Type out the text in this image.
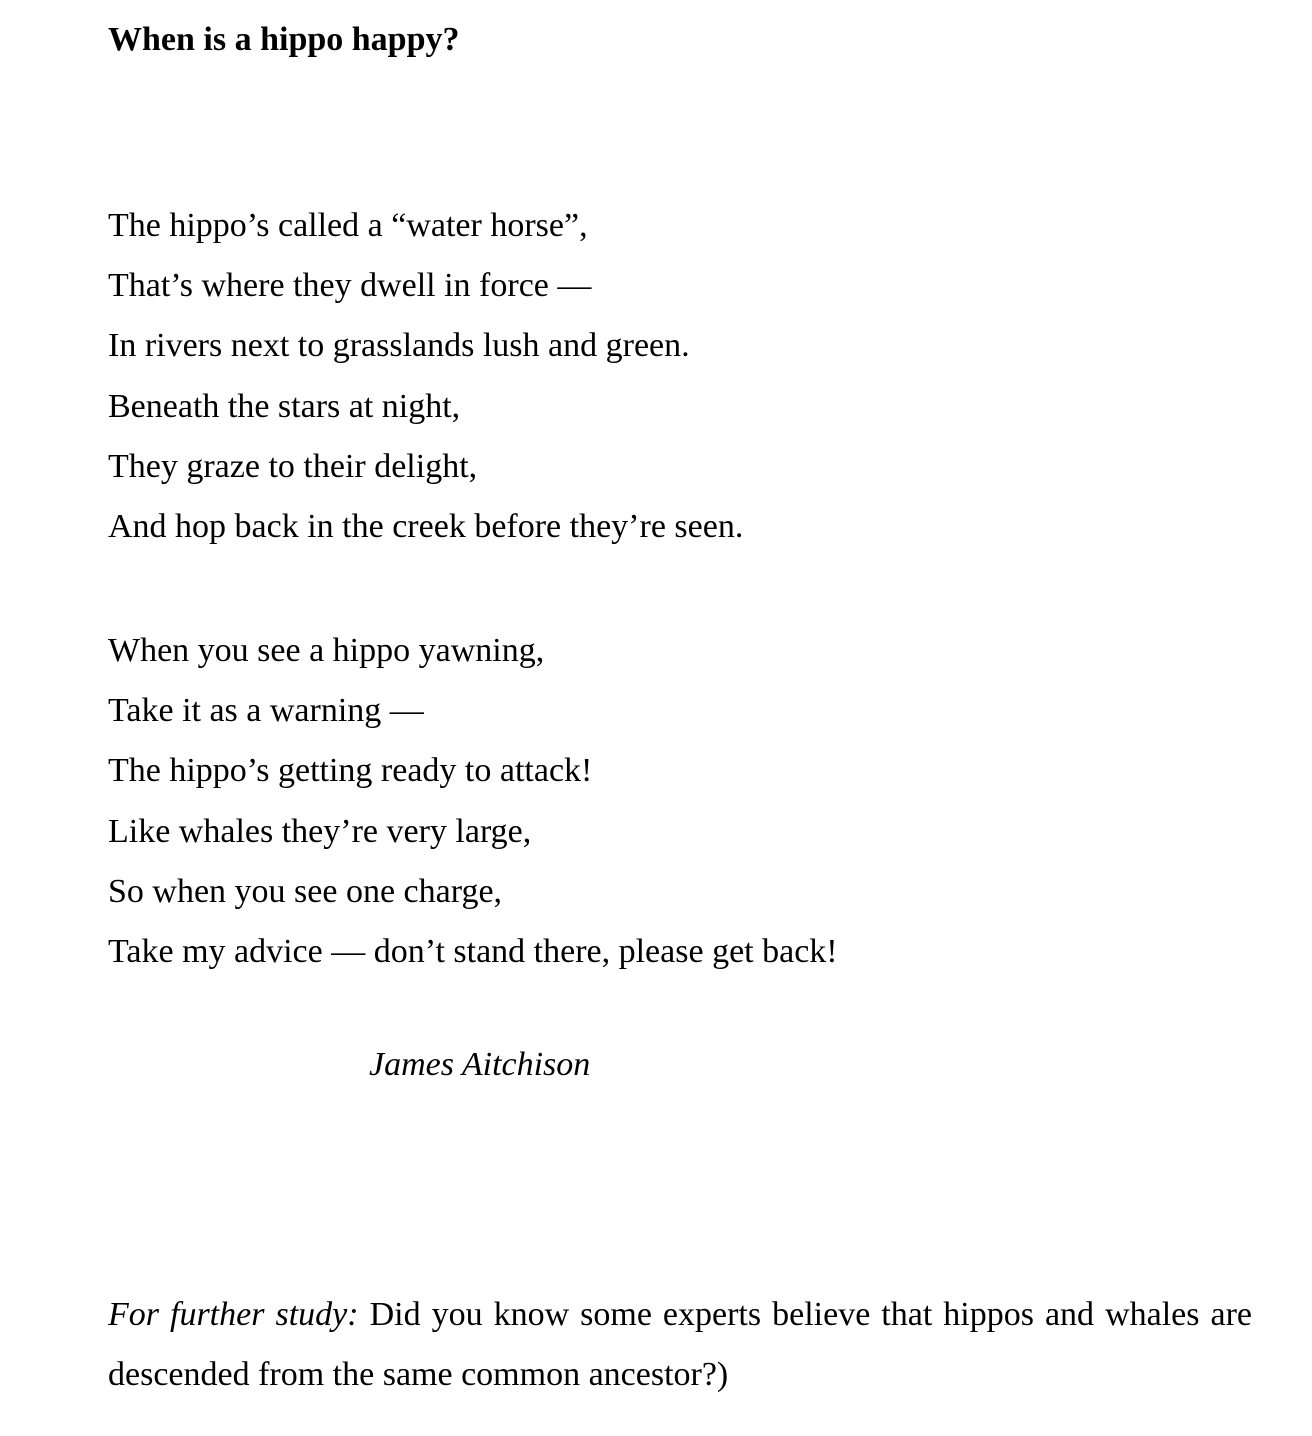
When is a hippo happy?
The hippo’s called a “water horse”,
That’s where they dwell in force —
In rivers next to grasslands lush and green.
Beneath the stars at night,
They graze to their delight,
And hop back in the creek before they’re seen.
When you see a hippo yawning,
Take it as a warning —
The hippo’s getting ready to attack!
Like whales they’re very large,
So when you see one charge,
Take my advice — don’t stand there, please get back!
James Aitchison

For further study: Did you know some experts believe that hippos and whales are descended from the same common ancestor?)
